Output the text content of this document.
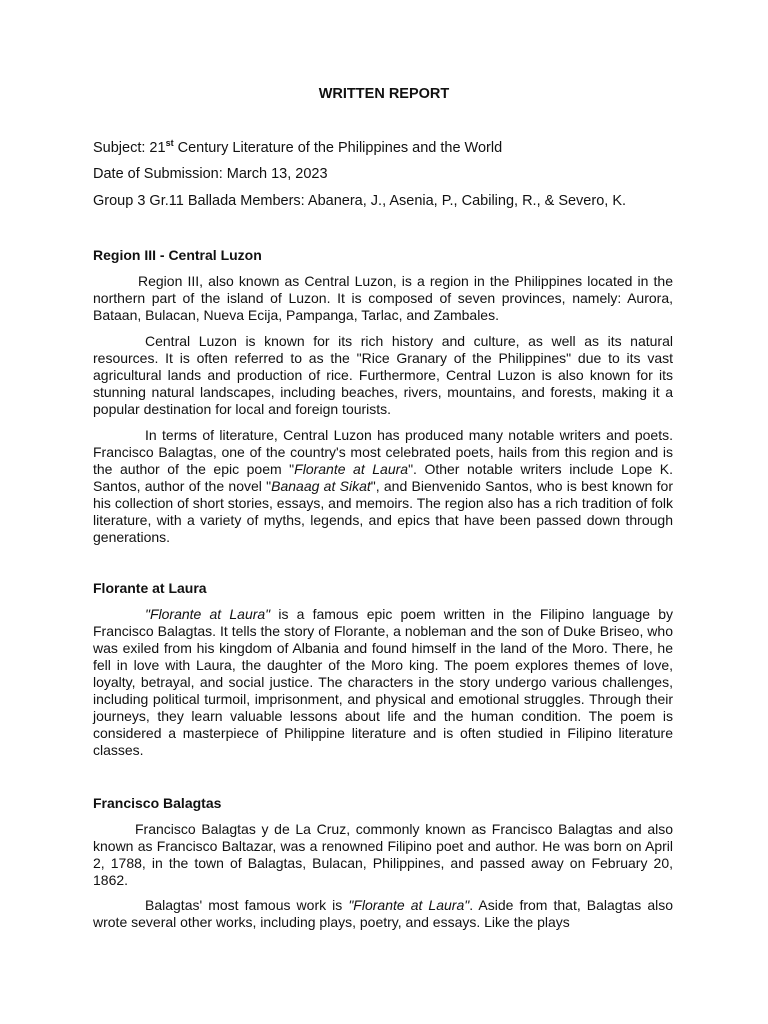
WRITTEN REPORT
Subject: 21st Century Literature of the Philippines and the World
Date of Submission: March 13, 2023
Group 3 Gr.11 Ballada Members: Abanera, J., Asenia, P., Cabiling, R., & Severo, K.
Region III - Central Luzon

Region III, also known as Central Luzon, is a region in the Philippines located in the northern part of the island of Luzon. It is composed of seven provinces, namely: Aurora, Bataan, Bulacan, Nueva Ecija, Pampanga, Tarlac, and Zambales.

Central Luzon is known for its rich history and culture, as well as its natural resources. It is often referred to as the "Rice Granary of the Philippines" due to its vast agricultural lands and production of rice. Furthermore, Central Luzon is also known for its stunning natural landscapes, including beaches, rivers, mountains, and forests, making it a popular destination for local and foreign tourists.

In terms of literature, Central Luzon has produced many notable writers and poets. Francisco Balagtas, one of the country's most celebrated poets, hails from this region and is the author of the epic poem "Florante at Laura". Other notable writers include Lope K. Santos, author of the novel "Banaag at Sikat", and Bienvenido Santos, who is best known for his collection of short stories, essays, and memoirs. The region also has a rich tradition of folk literature, with a variety of myths, legends, and epics that have been passed down through generations.

Florante at Laura

"Florante at Laura" is a famous epic poem written in the Filipino language by Francisco Balagtas. It tells the story of Florante, a nobleman and the son of Duke Briseo, who was exiled from his kingdom of Albania and found himself in the land of the Moro. There, he fell in love with Laura, the daughter of the Moro king. The poem explores themes of love, loyalty, betrayal, and social justice. The characters in the story undergo various challenges, including political turmoil, imprisonment, and physical and emotional struggles. Through their journeys, they learn valuable lessons about life and the human condition. The poem is considered a masterpiece of Philippine literature and is often studied in Filipino literature classes.

Francisco Balagtas

Francisco Balagtas y de La Cruz, commonly known as Francisco Balagtas and also known as Francisco Baltazar, was a renowned Filipino poet and author. He was born on April 2, 1788, in the town of Balagtas, Bulacan, Philippines, and passed away on February 20, 1862.

Balagtas' most famous work is "Florante at Laura". Aside from that, Balagtas also wrote several other works, including plays, poetry, and essays. Like the plays
